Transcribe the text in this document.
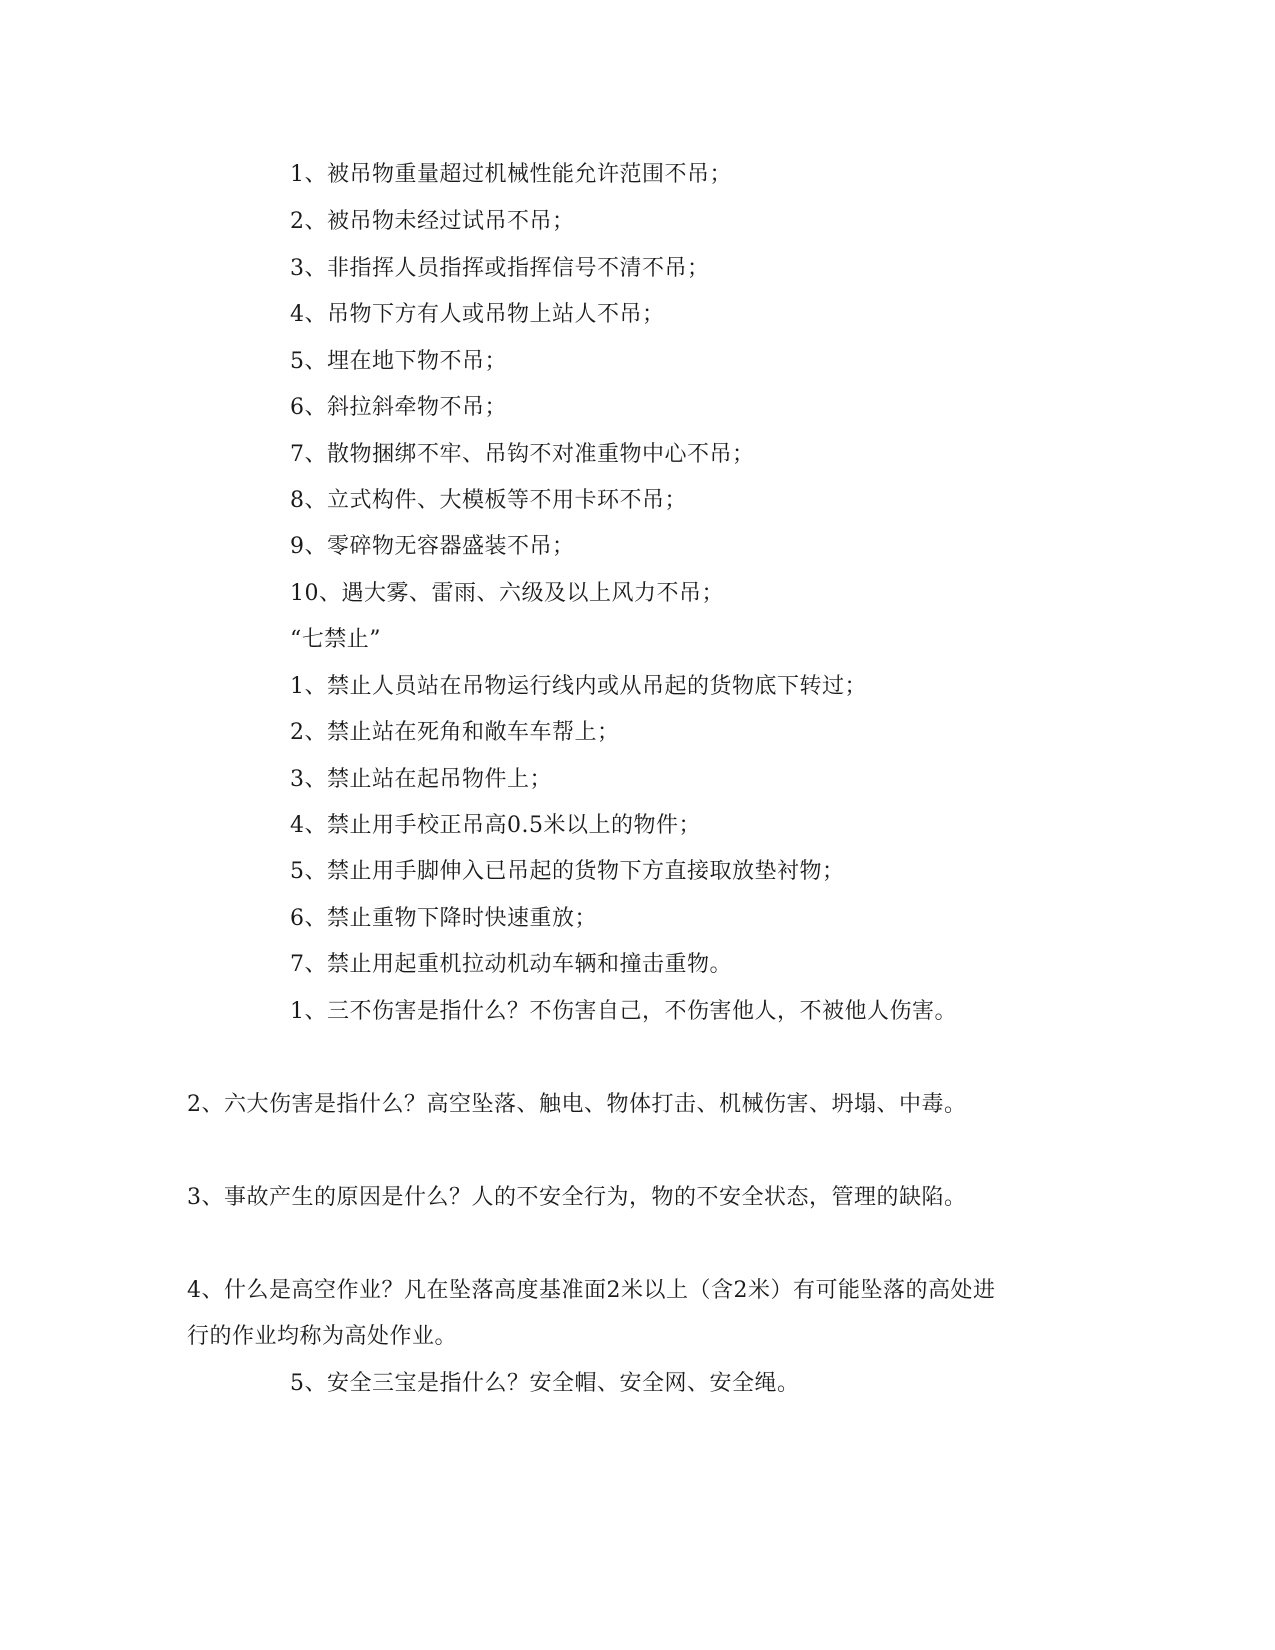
1、被吊物重量超过机械性能允许范围不吊；
2、被吊物未经过试吊不吊；
3、非指挥人员指挥或指挥信号不清不吊；
4、吊物下方有人或吊物上站人不吊；
5、埋在地下物不吊；
6、斜拉斜牵物不吊；
7、散物捆绑不牢、吊钩不对准重物中心不吊；
8、立式构件、大模板等不用卡环不吊；
9、零碎物无容器盛装不吊；
10、遇大雾、雷雨、六级及以上风力不吊；
“七禁止”
1、禁止人员站在吊物运行线内或从吊起的货物底下转过；
2、禁止站在死角和敞车车帮上；
3、禁止站在起吊物件上；
4、禁止用手校正吊高0.5米以上的物件；
5、禁止用手脚伸入已吊起的货物下方直接取放垫衬物；
6、禁止重物下降时快速重放；
7、禁止用起重机拉动机动车辆和撞击重物。
1、三不伤害是指什么？不伤害自己，不伤害他人，不被他人伤害。
2、六大伤害是指什么？高空坠落、触电、物体打击、机械伤害、坍塌、中毒。
3、事故产生的原因是什么？人的不安全行为，物的不安全状态，管理的缺陷。
4、什么是高空作业？凡在坠落高度基准面2米以上（含2米）有可能坠落的高处进
行的作业均称为高处作业。
5、安全三宝是指什么？安全帽、安全网、安全绳。
